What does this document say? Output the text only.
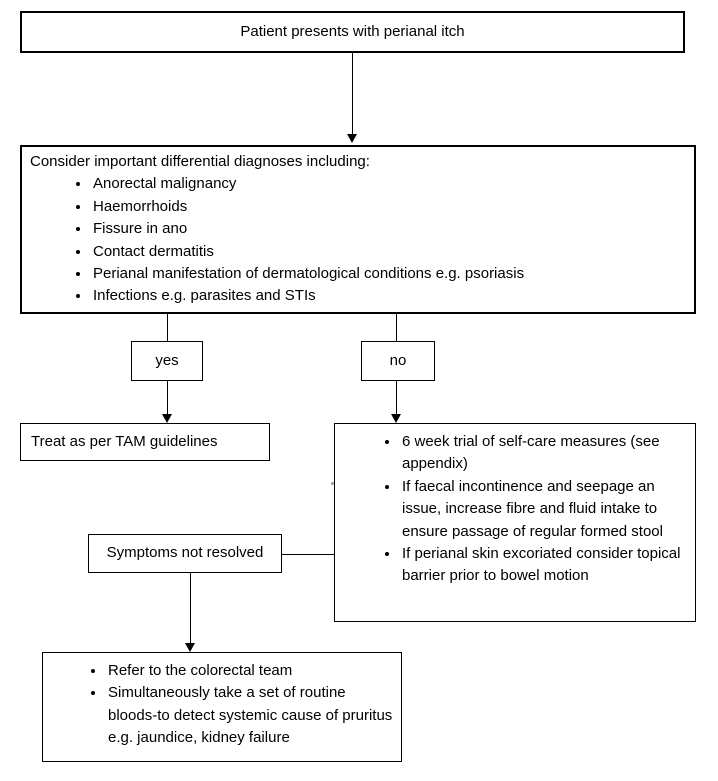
Patient presents with perianal itch
Consider important differential diagnoses including:
• Anorectal malignancy
• Haemorrhoids
• Fissure in ano
• Contact dermatitis
• Perianal manifestation of dermatological conditions e.g. psoriasis
• Infections e.g. parasites and STIs
yes	no
Treat as per TAM guidelines	• 6 week trial of self-care measures (see appendix)
• If faecal incontinence and seepage an issue, increase fibre and fluid intake to ensure passage of regular formed stool
• If perianal skin excoriated consider topical barrier prior to bowel motion
Symptoms not resolved
• Refer to the colorectal team
• Simultaneously take a set of routine bloods-to detect systemic cause of pruritus e.g. jaundice, kidney failure
